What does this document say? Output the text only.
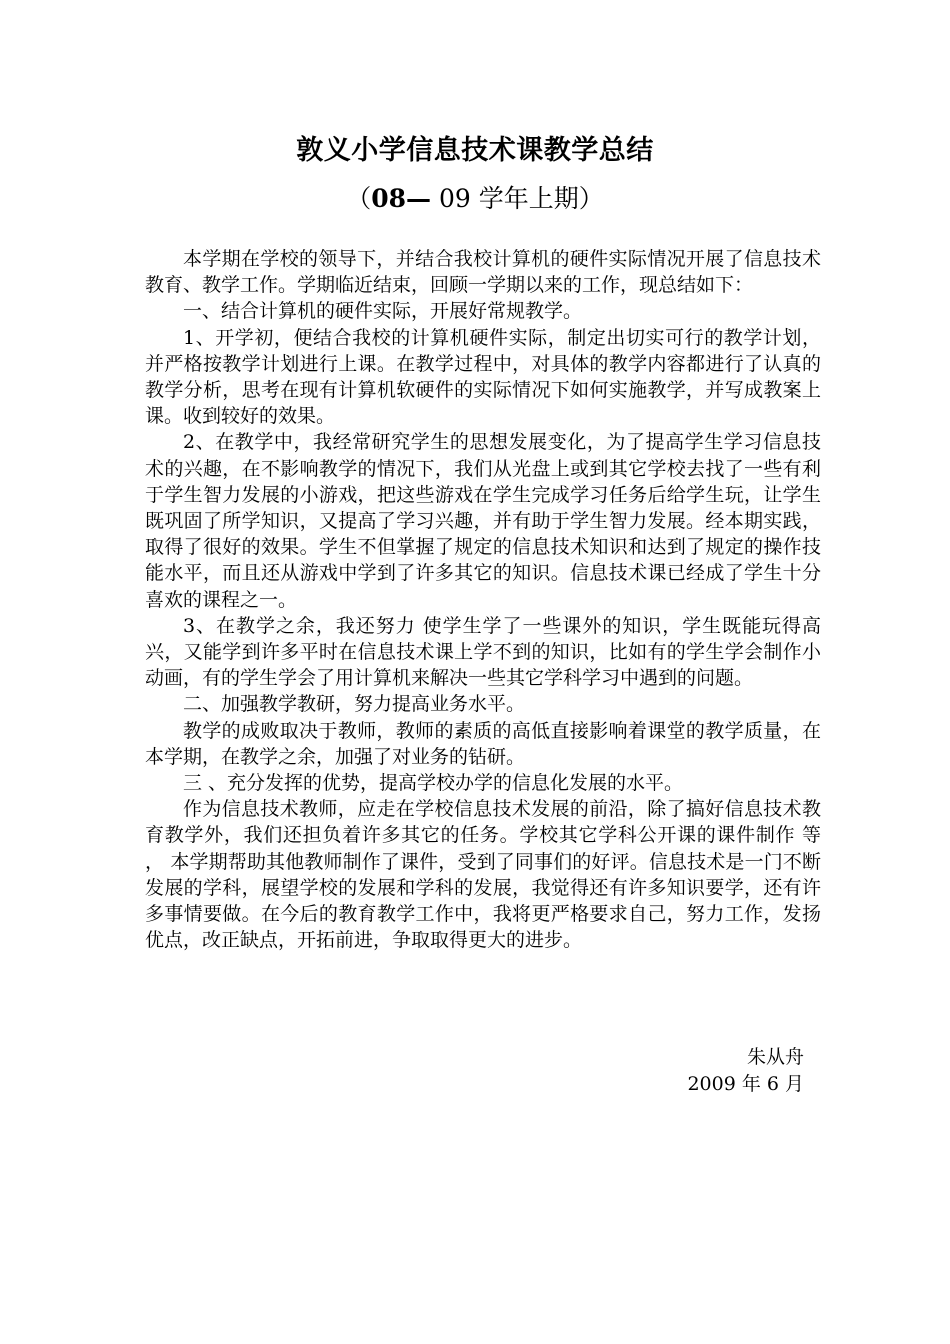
敦义小学信息技术课教学总结
（08— 09 学年上期）

本学期在学校的领导下，并结合我校计算机的硬件实际情况开展了信息技术教育、教学工作。学期临近结束，回顾一学期以来的工作，现总结如下：

一、结合计算机的硬件实际，开展好常规教学。

1、开学初，便结合我校的计算机硬件实际，制定出切实可行的教学计划，并严格按教学计划进行上课。在教学过程中，对具体的教学内容都进行了认真的教学分析，思考在现有计算机软硬件的实际情况下如何实施教学，并写成教案上课。收到较好的效果。

2、在教学中，我经常研究学生的思想发展变化，为了提高学生学习信息技术的兴趣，在不影响教学的情况下，我们从光盘上或到其它学校去找了一些有利于学生智力发展的小游戏，把这些游戏在学生完成学习任务后给学生玩，让学生既巩固了所学知识，又提高了学习兴趣，并有助于学生智力发展。经本期实践，取得了很好的效果。学生不但掌握了规定的信息技术知识和达到了规定的操作技能水平，而且还从游戏中学到了许多其它的知识。信息技术课已经成了学生十分喜欢的课程之一。

3、在教学之余，我还努力 使学生学了一些课外的知识，学生既能玩得高兴，又能学到许多平时在信息技术课上学不到的知识，比如有的学生学会制作小动画，有的学生学会了用计算机来解决一些其它学科学习中遇到的问题。

二、加强教学教研，努力提高业务水平。

教学的成败取决于教师，教师的素质的高低直接影响着课堂的教学质量，在本学期，在教学之余，加强了对业务的钻研。

三 、充分发挥的优势，提高学校办学的信息化发展的水平。

作为信息技术教师，应走在学校信息技术发展的前沿，除了搞好信息技术教育教学外，我们还担负着许多其它的任务。学校其它学科公开课的课件制作 等 ， 本学期帮助其他教师制作了课件，受到了同事们的好评。信息技术是一门不断发展的学科，展望学校的发展和学科的发展，我觉得还有许多知识要学，还有许多事情要做。在今后的教育教学工作中，我将更严格要求自己，努力工作，发扬优点，改正缺点，开拓前进，争取取得更大的进步。

朱从舟
2009 年 6 月
